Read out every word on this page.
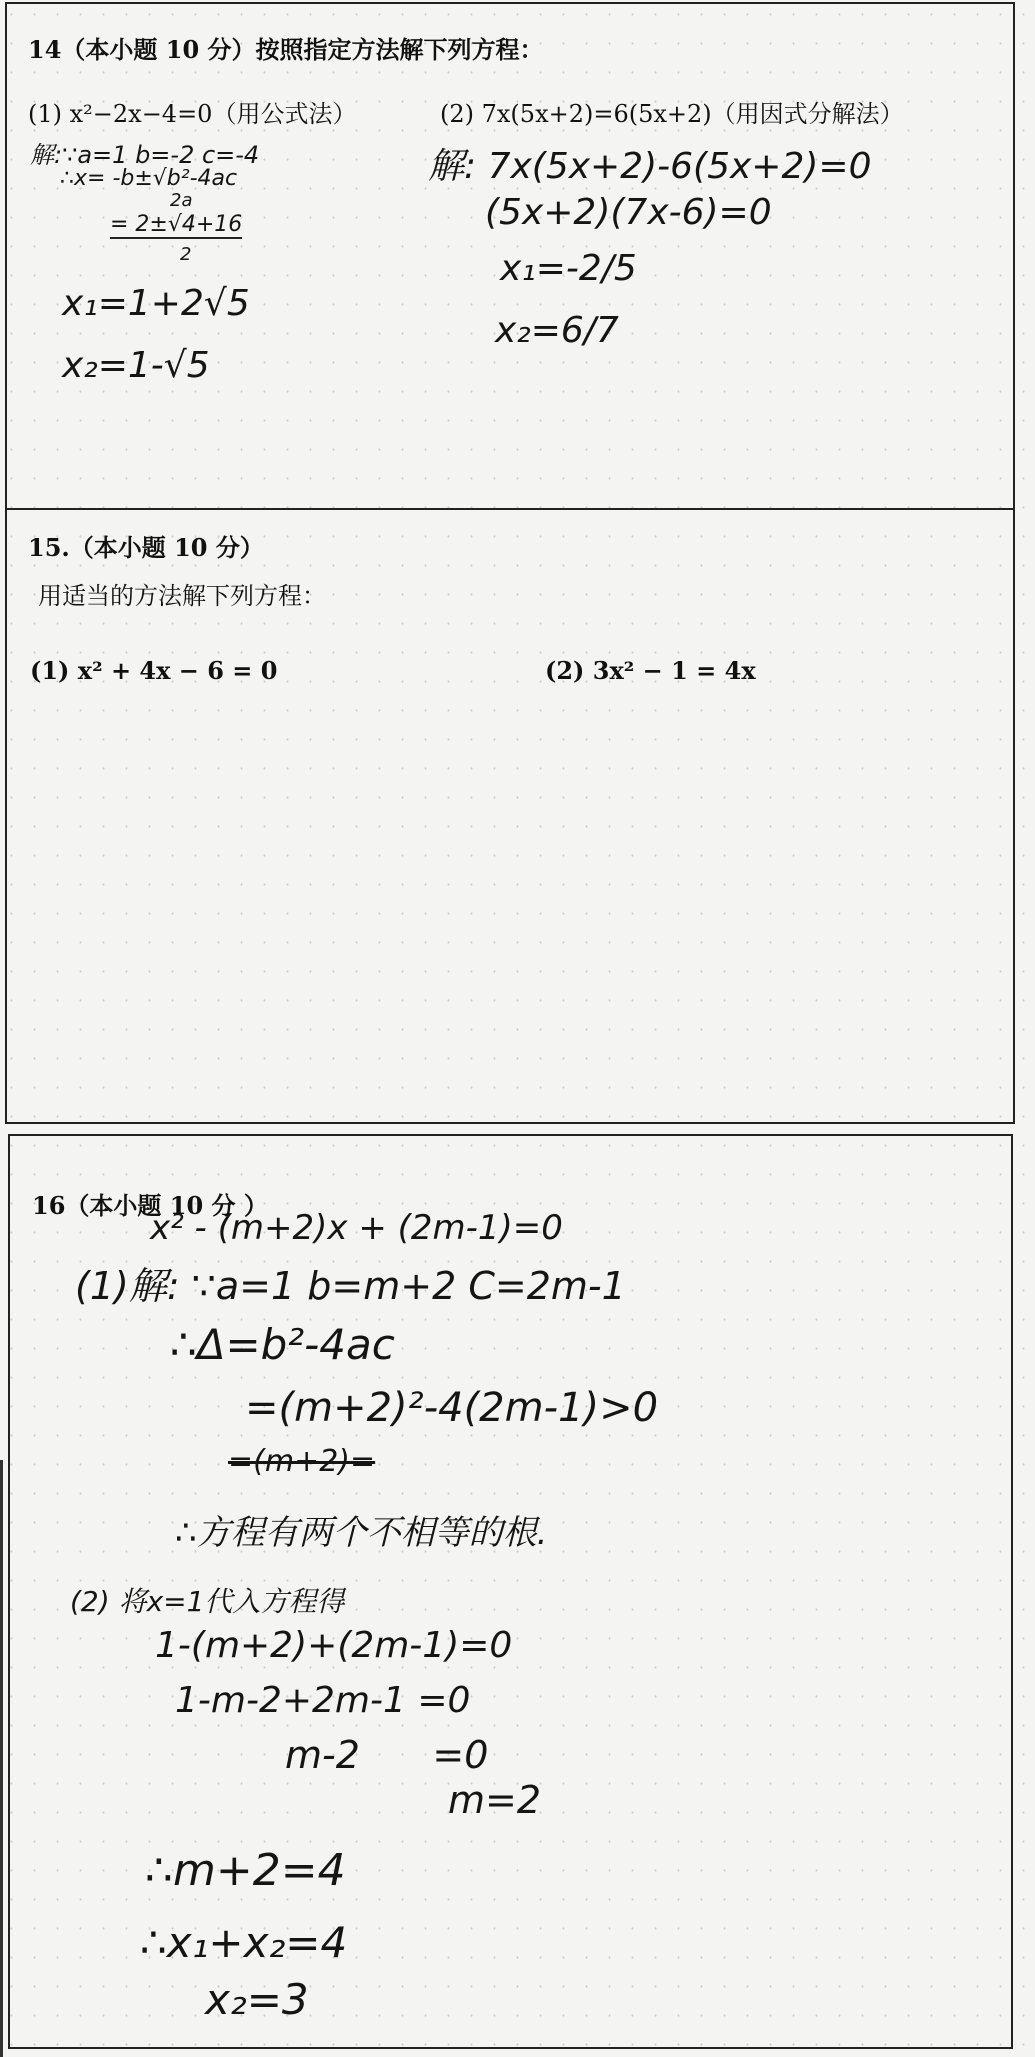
14（本小题 10 分）按照指定方法解下列方程：
(1) x²−2x−4=0（用公式法）	(2) 7x(5x+2)=6(5x+2)（用因式分解法）
解:∵a=1 b=-2 c=-4
∴x= -b±√b²-4ac
2a
= 2±√4+16
2
x₁=1+2√5
x₂=1-√5
解: 7x(5x+2)-6(5x+2)=0
(5x+2)(7x-6)=0
x₁=-2/5
x₂=6/7
15.（本小题 10 分）
用适当的方法解下列方程：
(1) x² + 4x − 6 = 0	(2) 3x² − 1 = 4x
16（本小题 10 分 ）
x² - (m+2)x + (2m-1)=0
(1)解: ∵a=1 b=m+2 C=2m-1
∴Δ=b²-4ac
=(m+2)²-4(2m-1)>0
=(m+2)=
∴方程有两个不相等的根.
(2) 将x=1代入方程得
1-(m+2)+(2m-1)=0
1-m-2+2m-1 =0
m-2      =0
m=2
∴m+2=4
∴x₁+x₂=4
x₂=3
